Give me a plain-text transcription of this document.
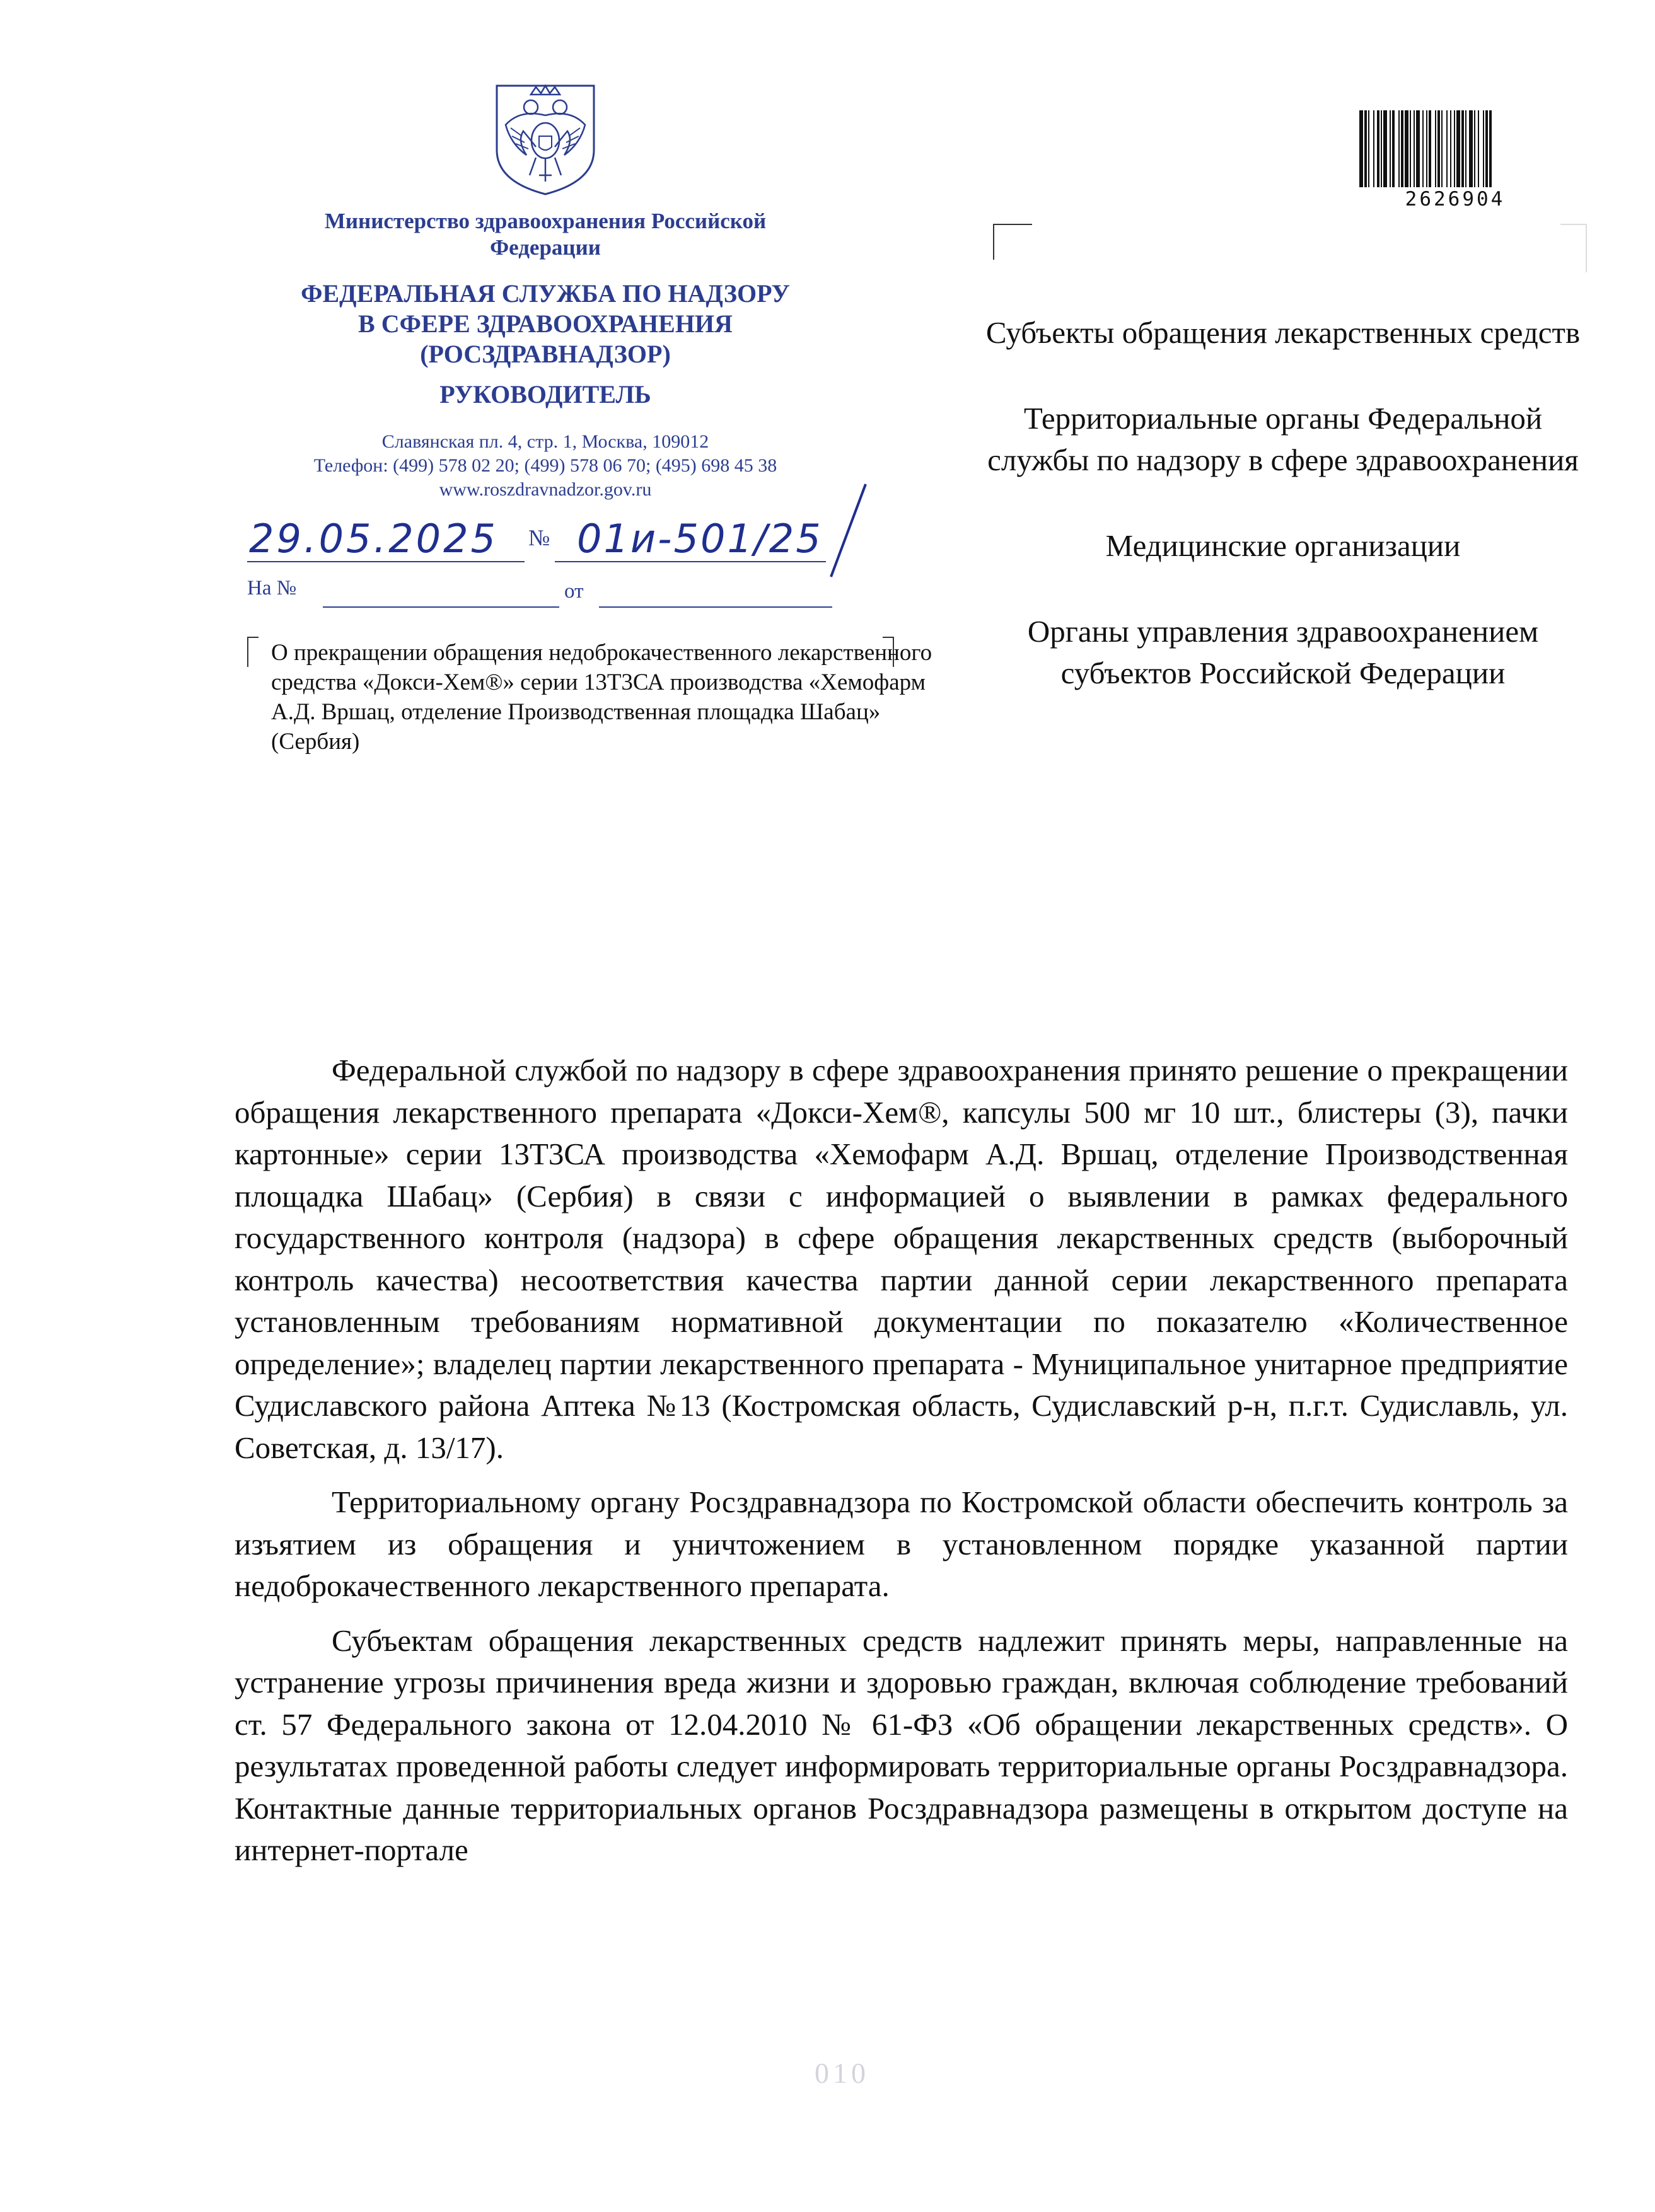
Министерство здравоохранения Российской Федерации
ФЕДЕРАЛЬНАЯ СЛУЖБА ПО НАДЗОРУ
В СФЕРЕ ЗДРАВООХРАНЕНИЯ
(РОСЗДРАВНАДЗОР)
РУКОВОДИТЕЛЬ
Славянская пл. 4, стр. 1, Москва, 109012
Телефон: (499) 578 02 20; (499) 578 06 70; (495) 698 45 38
www.roszdravnadzor.gov.ru
29.05.2025 № 01и-501/25
На №	от
О прекращении обращения недоброкачественного лекарственного средства «Докси-Хем®» серии 13Т3СА производства «Хемофарм А.Д. Вршац, отделение Производственная площадка Шабац» (Сербия)
2626904

Субъекты обращения лекарственных средств

Территориальные органы Федеральной службы по надзору в сфере здравоохранения

Медицинские организации

Органы управления здравоохранением субъектов Российской Федерации

Федеральной службой по надзору в сфере здравоохранения принято решение о прекращении обращения лекарственного препарата «Докси-Хем®, капсулы 500 мг 10 шт., блистеры (3), пачки картонные» серии 13Т3СА производства «Хемофарм А.Д. Вршац, отделение Производственная площадка Шабац» (Сербия) в связи с информацией о выявлении в рамках федерального государственного контроля (надзора) в сфере обращения лекарственных средств (выборочный контроль качества) несоответствия качества партии данной серии лекарственного препарата установленным требованиям нормативной документации по показателю «Количественное определение»; владелец партии лекарственного препарата - Муниципальное унитарное предприятие Судиславского района Аптека №13 (Костромская область, Судиславский р-н, п.г.т. Судиславль, ул. Советская, д. 13/17).

Территориальному органу Росздравнадзора по Костромской области обеспечить контроль за изъятием из обращения и уничтожением в установленном порядке указанной партии недоброкачественного лекарственного препарата.

Субъектам обращения лекарственных средств надлежит принять меры, направленные на устранение угрозы причинения вреда жизни и здоровью граждан, включая соблюдение требований ст. 57 Федерального закона от 12.04.2010 № 61-ФЗ «Об обращении лекарственных средств». О результатах проведенной работы следует информировать территориальные органы Росздравнадзора. Контактные данные территориальных органов Росздравнадзора размещены в открытом доступе на интернет-портале

010
